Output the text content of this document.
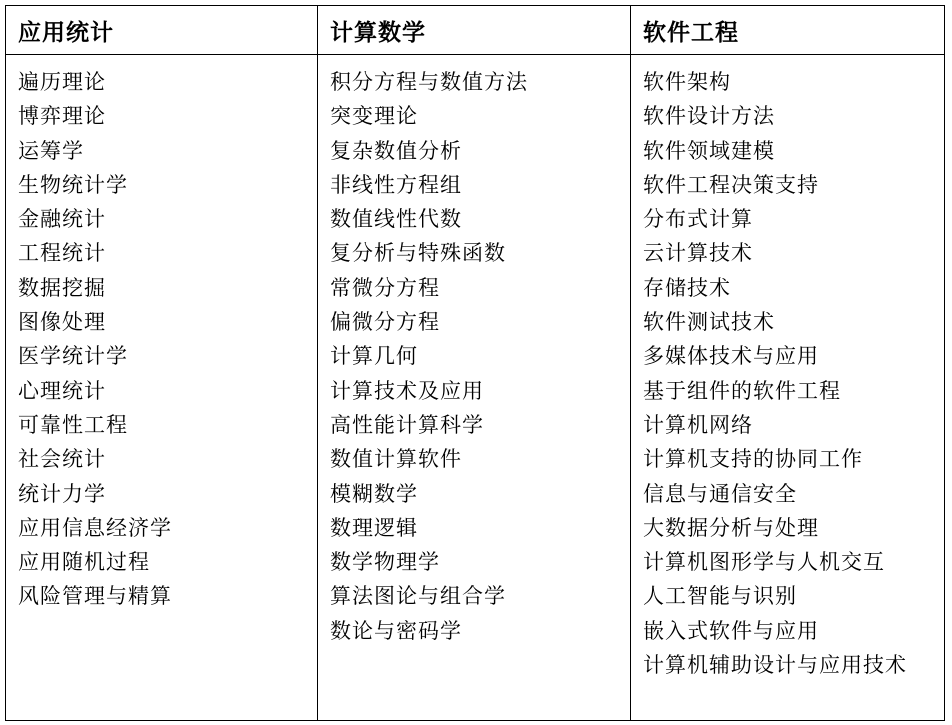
应用统计	计算数学	软件工程
遍历理论
博弈理论
运筹学
生物统计学
金融统计
工程统计
数据挖掘
图像处理
医学统计学
心理统计
可靠性工程
社会统计
统计力学
应用信息经济学
应用随机过程
风险管理与精算
积分方程与数值方法
突变理论
复杂数值分析
非线性方程组
数值线性代数
复分析与特殊函数
常微分方程
偏微分方程
计算几何
计算技术及应用
高性能计算科学
数值计算软件
模糊数学
数理逻辑
数学物理学
算法图论与组合学
数论与密码学
软件架构
软件设计方法
软件领域建模
软件工程决策支持
分布式计算
云计算技术
存储技术
软件测试技术
多媒体技术与应用
基于组件的软件工程
计算机网络
计算机支持的协同工作
信息与通信安全
大数据分析与处理
计算机图形学与人机交互
人工智能与识别
嵌入式软件与应用
计算机辅助设计与应用技术
